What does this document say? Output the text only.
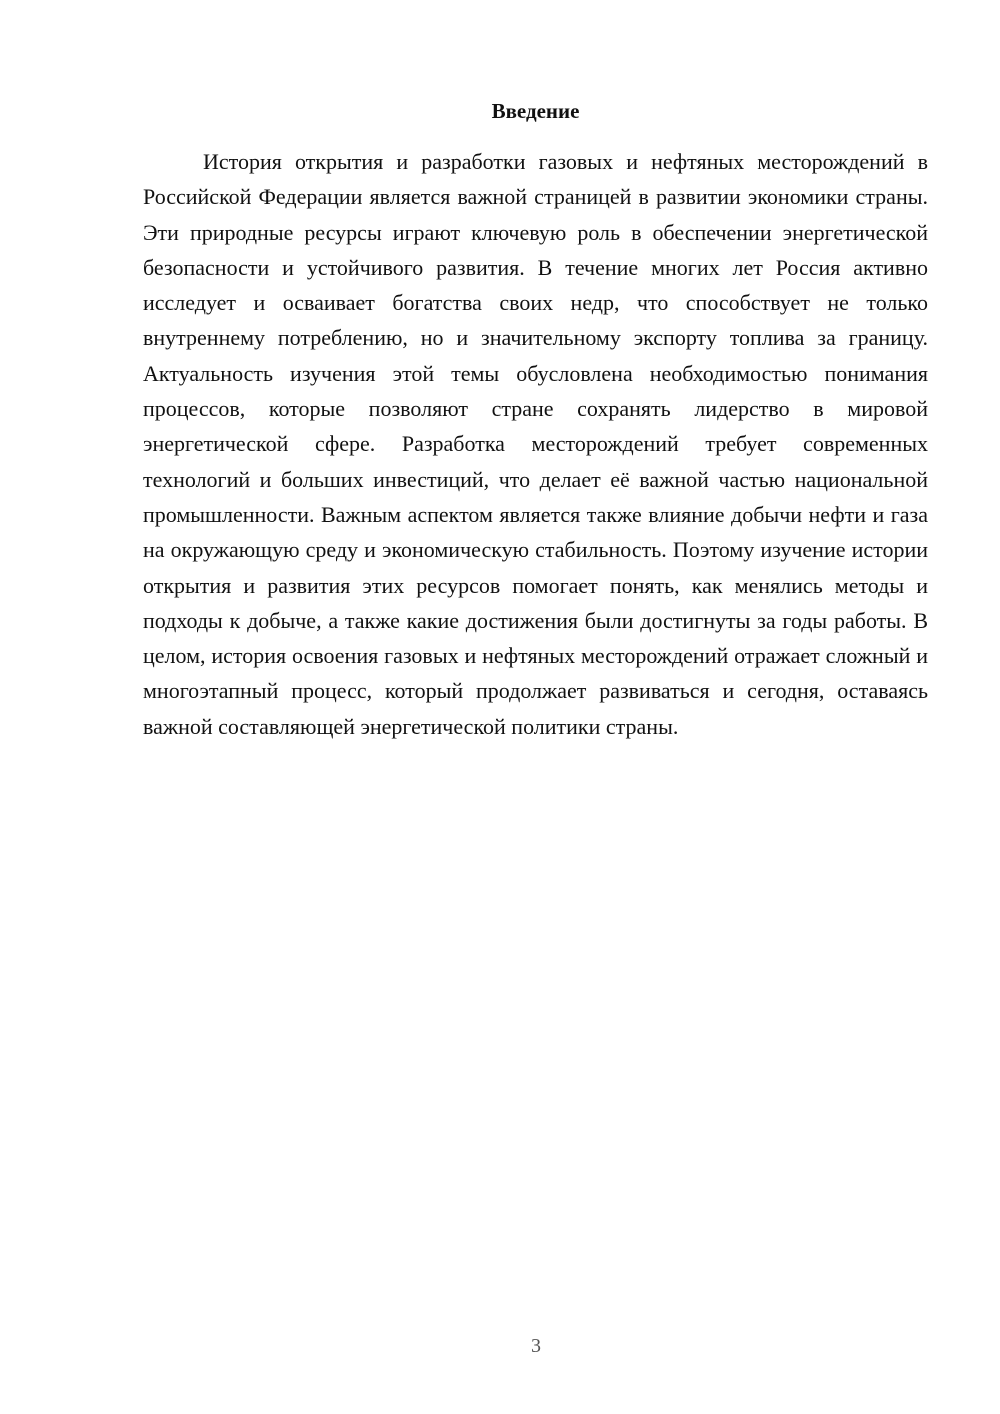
Введение

История открытия и разработки газовых и нефтяных месторождений в Российской Федерации является важной страницей в развитии экономики страны. Эти природные ресурсы играют ключевую роль в обеспечении энергетической безопасности и устойчивого развития. В течение многих лет Россия активно исследует и осваивает богатства своих недр, что способствует не только внутреннему потреблению, но и значительному экспорту топлива за границу. Актуальность изучения этой темы обусловлена необходимостью понимания процессов, которые позволяют стране сохранять лидерство в мировой энергетической сфере. Разработка месторождений требует современных технологий и больших инвестиций, что делает её важной частью национальной промышленности. Важным аспектом является также влияние добычи нефти и газа на окружающую среду и экономическую стабильность. Поэтому изучение истории открытия и развития этих ресурсов помогает понять, как менялись методы и подходы к добыче, а также какие достижения были достигнуты за годы работы. В целом, история освоения газовых и нефтяных месторождений отражает сложный и многоэтапный процесс, который продолжает развиваться и сегодня, оставаясь важной составляющей энергетической политики страны.

3
